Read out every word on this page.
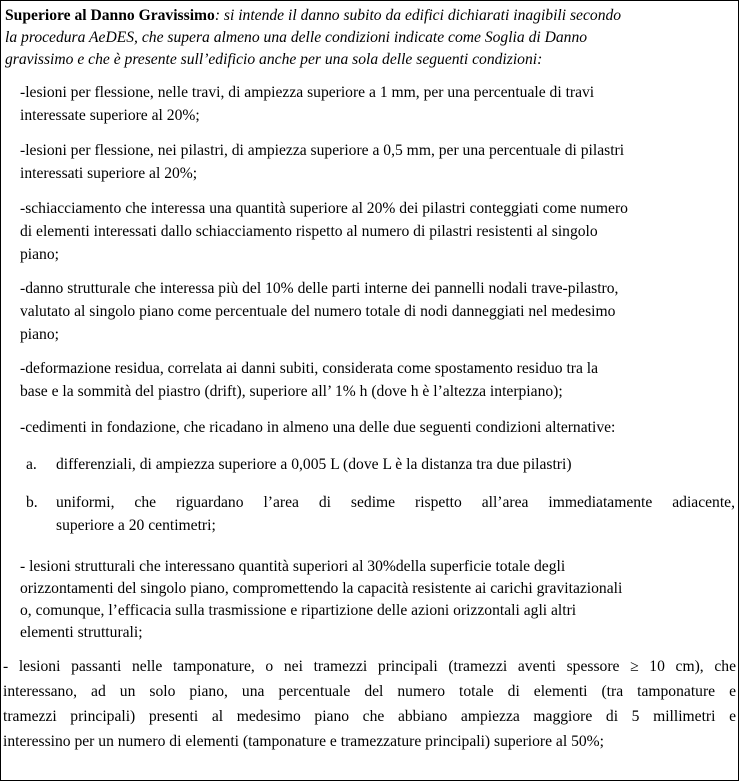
Superiore al Danno Gravissimo: si intende il danno subito da edifici dichiarati inagibili secondo
la procedura AeDES, che supera almeno una delle condizioni indicate come Soglia di Danno
gravissimo e che è presente sull’edificio anche per una sola delle seguenti condizioni:
-lesioni per flessione, nelle travi, di ampiezza superiore a 1 mm, per una percentuale di travi
interessate superiore al 20%;
-lesioni per flessione, nei pilastri, di ampiezza superiore a 0,5 mm, per una percentuale di pilastri
interessati superiore al 20%;
-schiacciamento che interessa una quantità superiore al 20% dei pilastri conteggiati come numero
di elementi interessati dallo schiacciamento rispetto al numero di pilastri resistenti al singolo
piano;
-danno strutturale che interessa più del 10% delle parti interne dei pannelli nodali trave-pilastro,
valutato al singolo piano come percentuale del numero totale di nodi danneggiati nel medesimo
piano;
-deformazione residua, correlata ai danni subiti, considerata come spostamento residuo tra la
base e la sommità del piastro (drift), superiore all’ 1% h (dove h è l’altezza interpiano);
-cedimenti in fondazione, che ricadano in almeno una delle due seguenti condizioni alternative:
a. differenziali, di ampiezza superiore a 0,005 L (dove L è la distanza tra due pilastri)
b. uniformi, che riguardano l’area di sedime rispetto all’area immediatamente adiacente,
superiore a 20 centimetri;
- lesioni strutturali che interessano quantità superiori al 30%della superficie totale degli
orizzontamenti del singolo piano, compromettendo la capacità resistente ai carichi gravitazionali
o, comunque, l’efficacia sulla trasmissione e ripartizione delle azioni orizzontali agli altri
elementi strutturali;
- lesioni passanti nelle tamponature, o nei tramezzi principali (tramezzi aventi spessore ≥ 10 cm), che
interessano, ad un solo piano, una percentuale del numero totale di elementi (tra tamponature e
tramezzi principali) presenti al medesimo piano che abbiano ampiezza maggiore di 5 millimetri e
interessino per un numero di elementi (tamponature e tramezzature principali) superiore al 50%;
